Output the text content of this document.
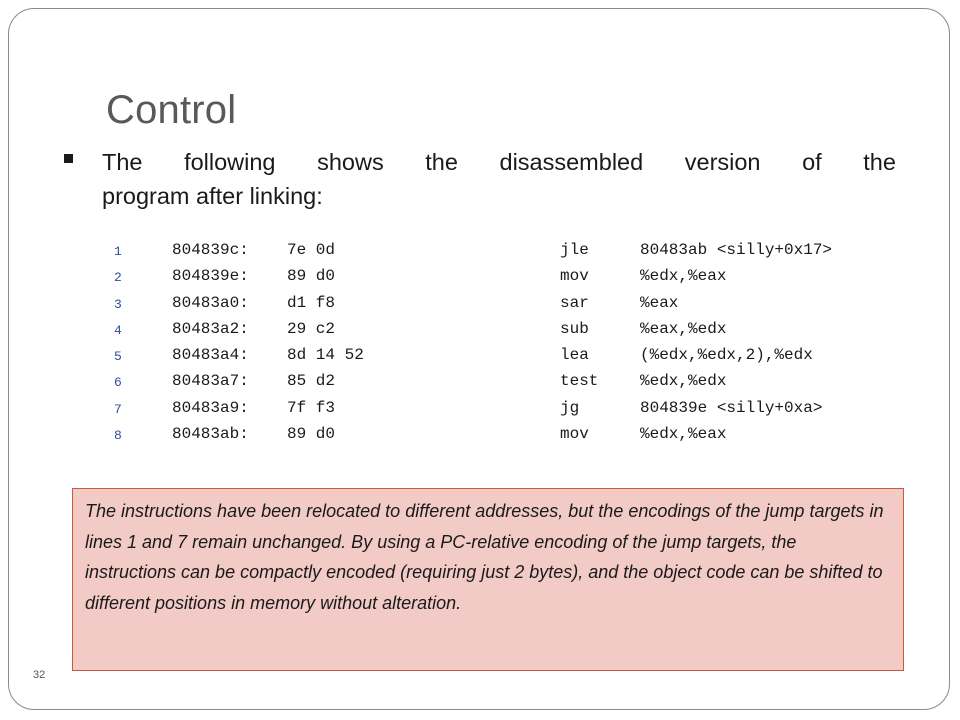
Control
The following shows the disassembled version of the
program after linking:
1	804839c: 7e 0d	jle	80483ab <silly+0x17>
2	804839e: 89 d0	mov	%edx,%eax
3	80483a0: d1 f8	sar	%eax
4	80483a2: 29 c2	sub	%eax,%edx
5	80483a4: 8d 14 52	lea	(%edx,%edx,2),%edx
6	80483a7: 85 d2	test	%edx,%edx
7	80483a9: 7f f3	jg	804839e <silly+0xa>
8	80483ab: 89 d0	mov	%edx,%eax
The instructions have been relocated to different addresses, but the encodings of the jump targets in lines 1 and 7 remain unchanged. By using a PC-relative encoding of the jump targets, the instructions can be compactly encoded (requiring just 2 bytes), and the object code can be shifted to different positions in memory without alteration.
32
